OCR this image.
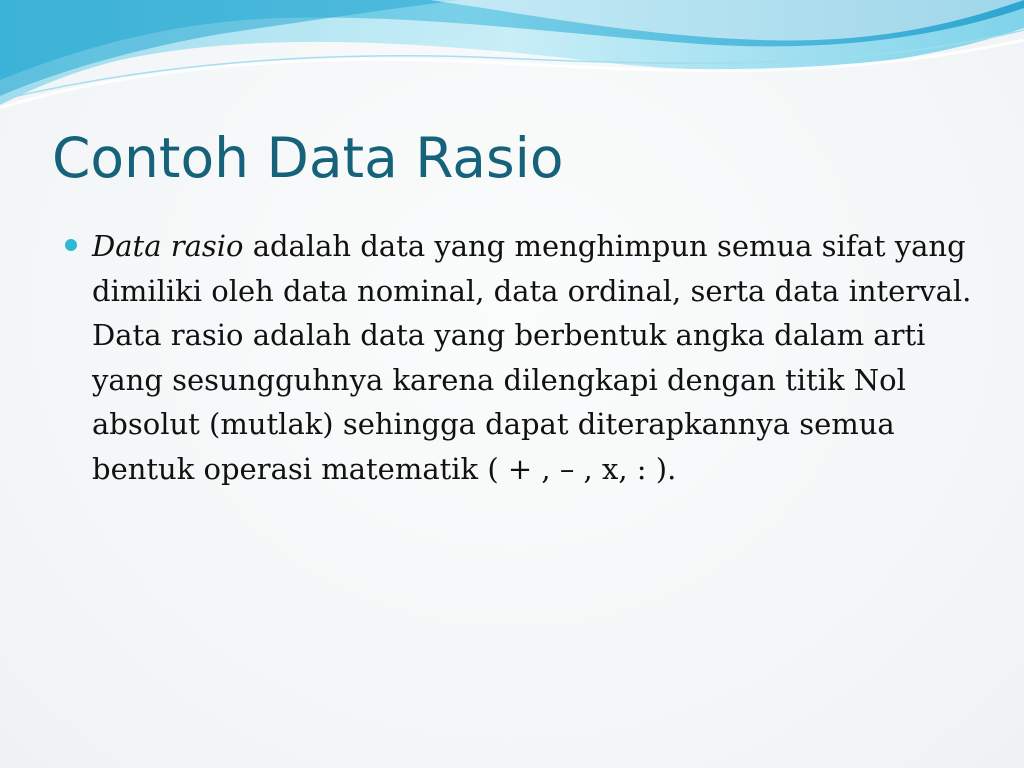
Contoh Data Rasio

Data rasio adalah data yang menghimpun semua sifat yang dimiliki oleh data nominal, data ordinal, serta data interval. Data rasio adalah data yang berbentuk angka dalam arti yang sesungguhnya karena dilengkapi dengan titik Nol absolut (mutlak) sehingga dapat diterapkannya semua bentuk operasi matematik ( + , – , x, : ).
